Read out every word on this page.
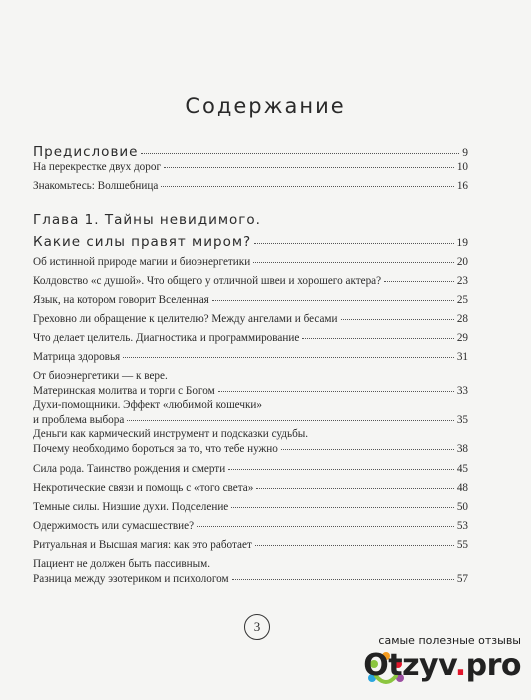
Содержание
Предисловие	9
На перекрестке двух дорог	10
Знакомьтесь: Волшебница	16
Глава 1. Тайны невидимого.
Какие силы правят миром?	19
Об истинной природе магии и биоэнергетики	20
Колдовство «с душой». Что общего у отличной швеи и хорошего актера?	23
Язык, на котором говорит Вселенная	25
Греховно ли обращение к целителю? Между ангелами и бесами	28
Что делает целитель. Диагностика и программирование	29
Матрица здоровья	31
От биоэнергетики — к вере.
Материнская молитва и торги с Богом	33
Духи-помощники. Эффект «любимой кошечки»
и проблема выбора	35
Деньги как кармический инструмент и подсказки судьбы.
Почему необходимо бороться за то, что тебе нужно	38
Сила рода. Таинство рождения и смерти	45
Некротические связи и помощь с «того света»	48
Темные силы. Низшие духи. Подселение	50
Одержимость или сумасшествие?	53
Ритуальная и Высшая магия: как это работает	55
Пациент не должен быть пассивным.
Разница между эзотериком и психологом	57
3
самые полезные отзывы
Otzyv.pro
